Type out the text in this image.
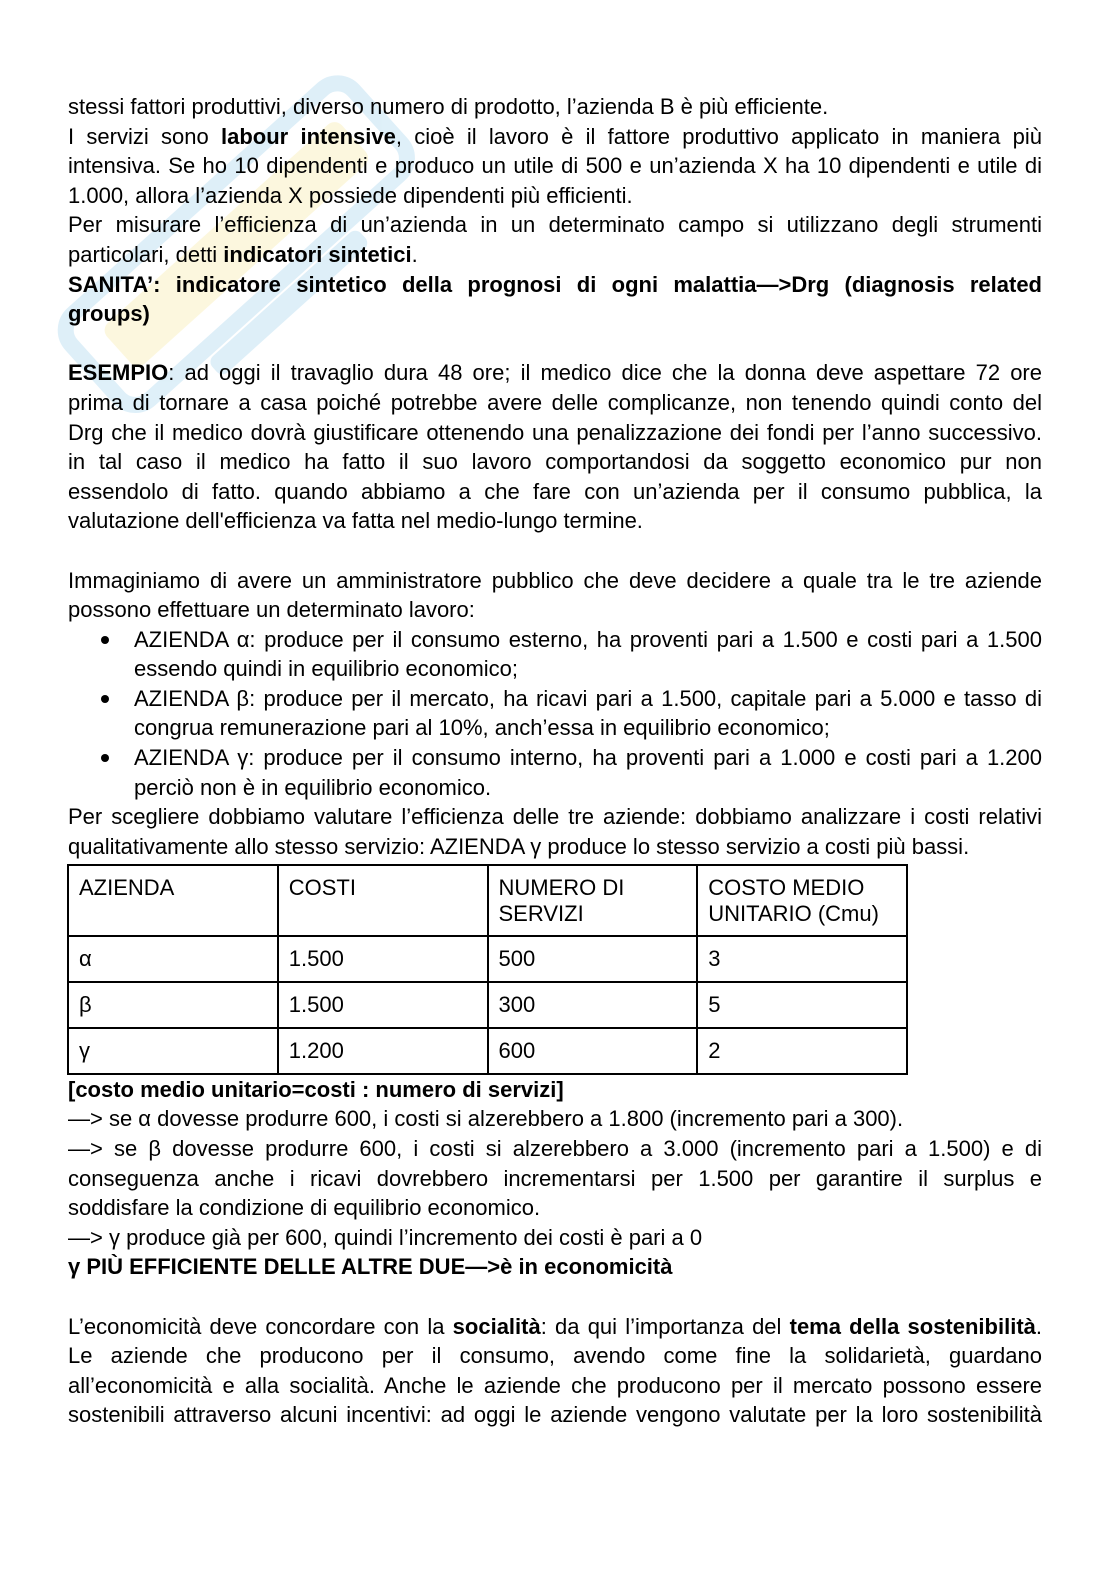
stessi fattori produttivi, diverso numero di prodotto, l’azienda B è più efficiente.
I servizi sono labour intensive, cioè il lavoro è il fattore produttivo applicato in maniera più
intensiva. Se ho 10 dipendenti e produco un utile di 500 e un’azienda X ha 10 dipendenti e utile di
1.000, allora l’azienda X possiede dipendenti più efficienti.
Per misurare l’efficienza di un’azienda in un determinato campo si utilizzano degli strumenti
particolari, detti indicatori sintetici.
SANITA’: indicatore sintetico della prognosi di ogni malattia—>Drg (diagnosis related
groups)
ESEMPIO: ad oggi il travaglio dura 48 ore; il medico dice che la donna deve aspettare 72 ore
prima di tornare a casa poiché potrebbe avere delle complicanze, non tenendo quindi conto del
Drg che il medico dovrà giustificare ottenendo una penalizzazione dei fondi per l’anno successivo.
in tal caso il medico ha fatto il suo lavoro comportandosi da soggetto economico pur non
essendolo di fatto. quando abbiamo a che fare con un’azienda per il consumo pubblica, la
valutazione dell'efficienza va fatta nel medio-lungo termine.
Immaginiamo di avere un amministratore pubblico che deve decidere a quale tra le tre aziende
possono effettuare un determinato lavoro:
AZIENDA α: produce per il consumo esterno, ha proventi pari a 1.500 e costi pari a 1.500
essendo quindi in equilibrio economico;
AZIENDA β: produce per il mercato, ha ricavi pari a 1.500, capitale pari a 5.000 e tasso di
congrua remunerazione pari al 10%, anch’essa in equilibrio economico;
AZIENDA γ: produce per il consumo interno, ha proventi pari a 1.000 e costi pari a 1.200
perciò non è in equilibrio economico.
Per scegliere dobbiamo valutare l’efficienza delle tre aziende: dobbiamo analizzare i costi relativi
qualitativamente allo stesso servizio: AZIENDA γ produce lo stesso servizio a costi più bassi.
AZIENDA	COSTI	NUMERO DI SERVIZI	COSTO MEDIO UNITARIO (Cmu)
α	1.500	500	3
β	1.500	300	5
γ	1.200	600	2
[costo medio unitario=costi : numero di servizi]
—> se α dovesse produrre 600, i costi si alzerebbero a 1.800 (incremento pari a 300).
—> se β dovesse produrre 600, i costi si alzerebbero a 3.000 (incremento pari a 1.500) e di
conseguenza anche i ricavi dovrebbero incrementarsi per 1.500 per garantire il surplus e
soddisfare la condizione di equilibrio economico.
—> γ produce già per 600, quindi l’incremento dei costi è pari a 0
γ PIÙ EFFICIENTE DELLE ALTRE DUE—>è in economicità
L’economicità deve concordare con la socialità: da qui l’importanza del tema della sostenibilità.
Le aziende che producono per il consumo, avendo come fine la solidarietà, guardano
all’economicità e alla socialità. Anche le aziende che producono per il mercato possono essere
sostenibili attraverso alcuni incentivi: ad oggi le aziende vengono valutate per la loro sostenibilità
